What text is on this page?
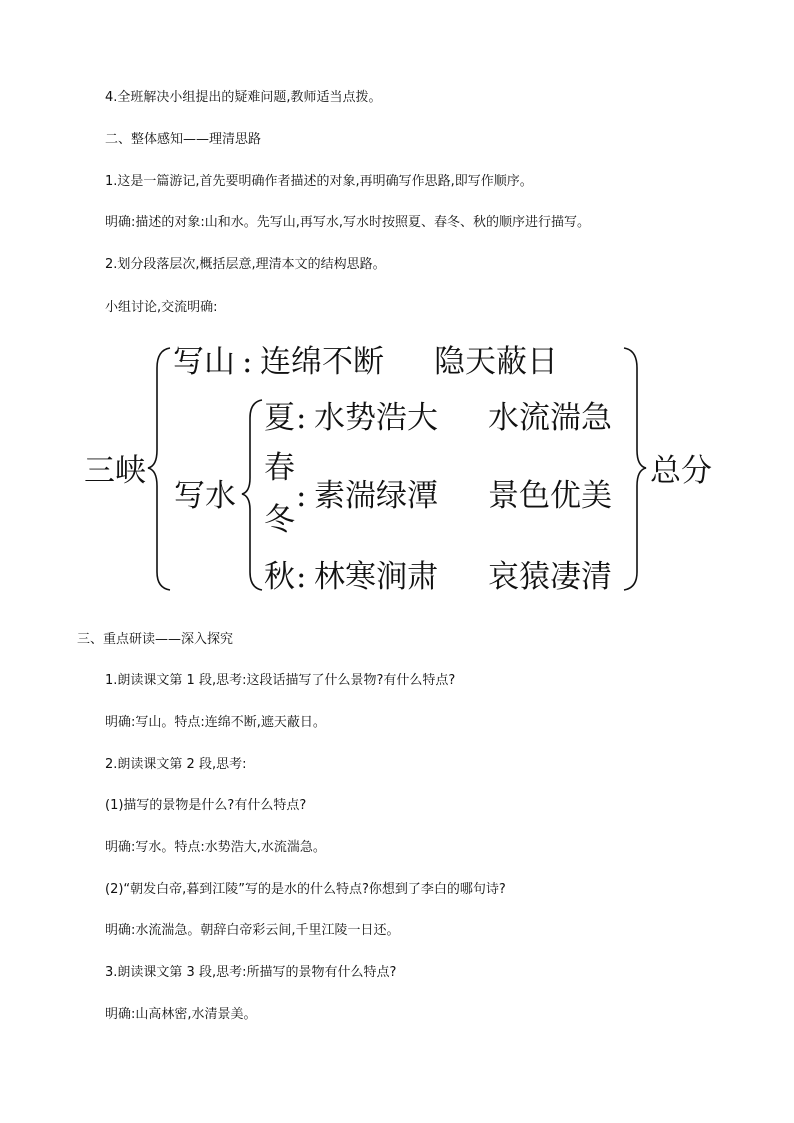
4.全班解决小组提出的疑难问题,教师适当点拨。

二、整体感知——理清思路

1.这是一篇游记,首先要明确作者描述的对象,再明确写作思路,即写作顺序。

明确:描述的对象:山和水。先写山,再写水,写水时按照夏、春冬、秋的顺序进行描写。

2.划分段落层次,概括层意,理清本文的结构思路。

小组讨论,交流明确:

三峡
写山 : 连绵不断 隐天蔽日
写水
夏 : 水势浩大 水流湍急
春
冬
: 素湍绿潭 景色优美
秋 : 林寒涧肃 哀猿凄清
总分

三、重点研读——深入探究

1.朗读课文第 1 段,思考:这段话描写了什么景物?有什么特点?

明确:写山。特点:连绵不断,遮天蔽日。

2.朗读课文第 2 段,思考:

(1)描写的景物是什么?有什么特点?

明确:写水。特点:水势浩大,水流湍急。

(2)“朝发白帝,暮到江陵”写的是水的什么特点?你想到了李白的哪句诗?

明确:水流湍急。朝辞白帝彩云间,千里江陵一日还。

3.朗读课文第 3 段,思考:所描写的景物有什么特点?

明确:山高林密,水清景美。
